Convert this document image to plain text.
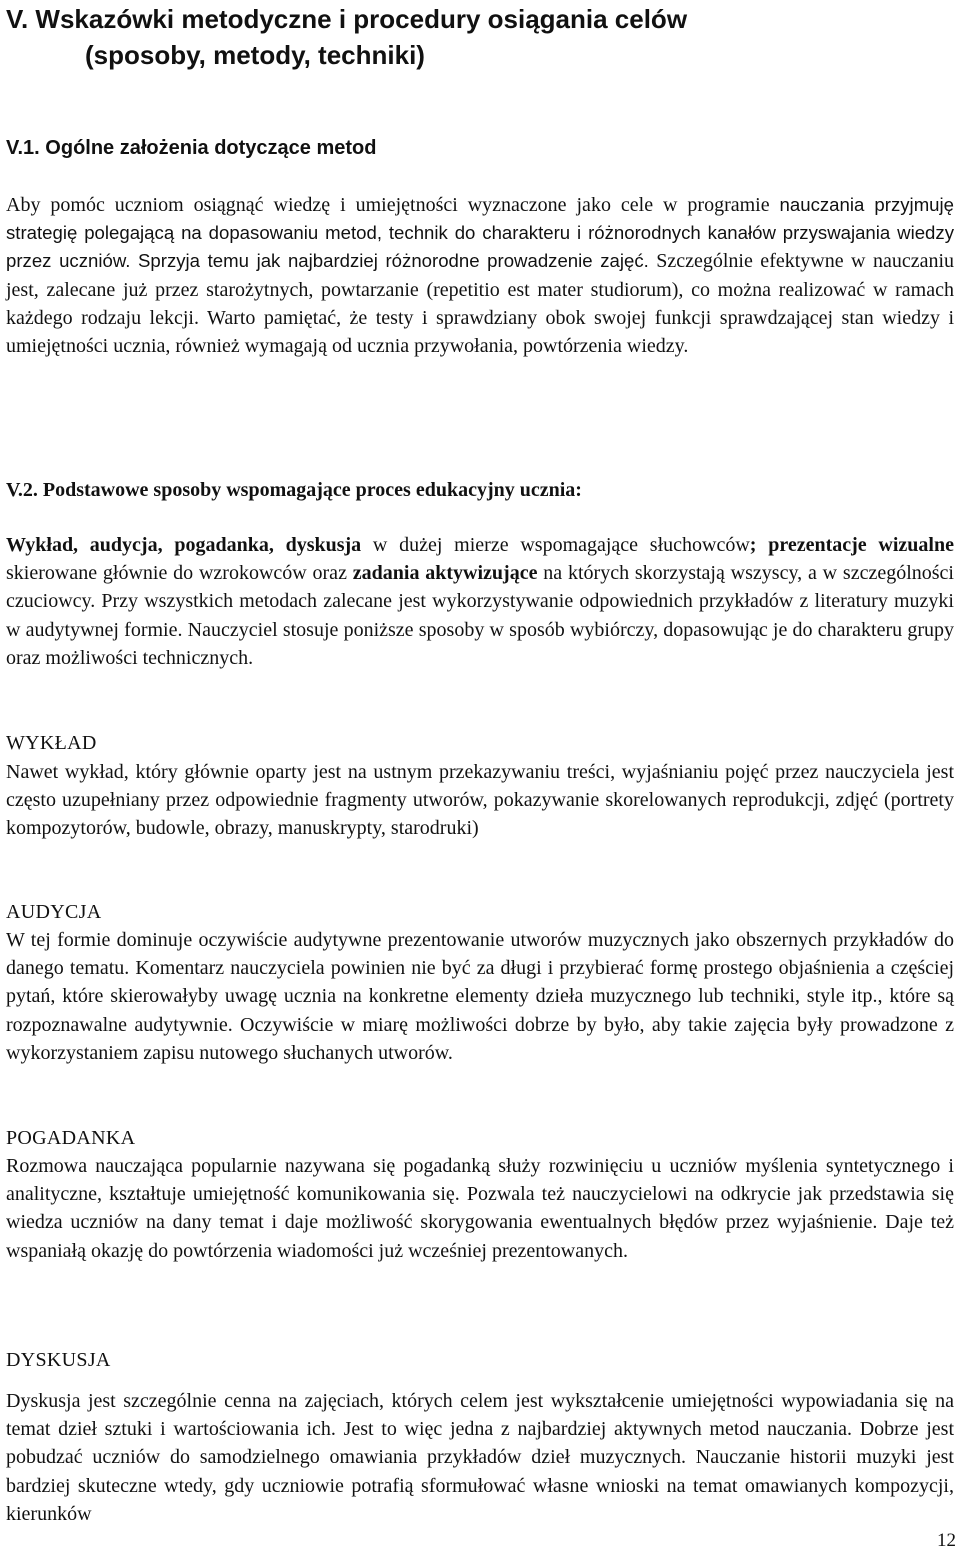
V. Wskazówki metodyczne i procedury osiągania celów
(sposoby, metody, techniki)
V.1. Ogólne założenia dotyczące metod

Aby pomóc uczniom osiągnąć wiedzę i umiejętności wyznaczone jako cele w programie nauczania przyjmuję strategię polegającą na dopasowaniu metod, technik do charakteru i różnorodnych kanałów przyswajania wiedzy przez uczniów. Sprzyja temu jak najbardziej różnorodne prowadzenie zajęć. Szczególnie efektywne w nauczaniu jest, zalecane już przez starożytnych, powtarzanie (repetitio est mater studiorum), co można realizować w ramach każdego rodzaju lekcji. Warto pamiętać, że testy i sprawdziany obok swojej funkcji sprawdzającej stan wiedzy i umiejętności ucznia, również wymagają od ucznia przywołania, powtórzenia wiedzy.

V.2. Podstawowe sposoby wspomagające proces edukacyjny ucznia:

Wykład, audycja, pogadanka, dyskusja w dużej mierze wspomagające słuchowców; prezentacje wizualne skierowane głównie do wzrokowców oraz zadania aktywizujące na których skorzystają wszyscy, a w szczególności czuciowcy. Przy wszystkich metodach zalecane jest wykorzystywanie odpowiednich przykładów z literatury muzyki w audytywnej formie. Nauczyciel stosuje poniższe sposoby w sposób wybiórczy, dopasowując je do charakteru grupy oraz możliwości technicznych.

WYKŁAD

Nawet wykład, który głównie oparty jest na ustnym przekazywaniu treści, wyjaśnianiu pojęć przez nauczyciela jest często uzupełniany przez odpowiednie fragmenty utworów, pokazywanie skorelowanych reprodukcji, zdjęć (portrety kompozytorów, budowle, obrazy, manuskrypty, starodruki)

AUDYCJA

W tej formie dominuje oczywiście audytywne prezentowanie utworów muzycznych jako obszernych przykładów do danego tematu. Komentarz nauczyciela powinien nie być za długi i przybierać formę prostego objaśnienia a częściej pytań, które skierowałyby uwagę ucznia na konkretne elementy dzieła muzycznego lub techniki, style itp., które są rozpoznawalne audytywnie. Oczywiście w miarę możliwości dobrze by było, aby takie zajęcia były prowadzone z wykorzystaniem zapisu nutowego słuchanych utworów.

POGADANKA

Rozmowa nauczająca popularnie nazywana się pogadanką służy rozwinięciu u uczniów myślenia syntetycznego i analityczne, kształtuje umiejętność komunikowania się. Pozwala też nauczycielowi na odkrycie jak przedstawia się wiedza uczniów na dany temat i daje możliwość skorygowania ewentualnych błędów przez wyjaśnienie. Daje też wspaniałą okazję do powtórzenia wiadomości już wcześniej prezentowanych.

DYSKUSJA

Dyskusja jest szczególnie cenna na zajęciach, których celem jest wykształcenie umiejętności wypowiadania się na temat dzieł sztuki i wartościowania ich. Jest to więc jedna z najbardziej aktywnych metod nauczania. Dobrze jest pobudzać uczniów do samodzielnego omawiania przykładów dzieł muzycznych. Nauczanie historii muzyki jest bardziej skuteczne wtedy, gdy uczniowie potrafią sformułować własne wnioski na temat omawianych kompozycji, kierunków

12
